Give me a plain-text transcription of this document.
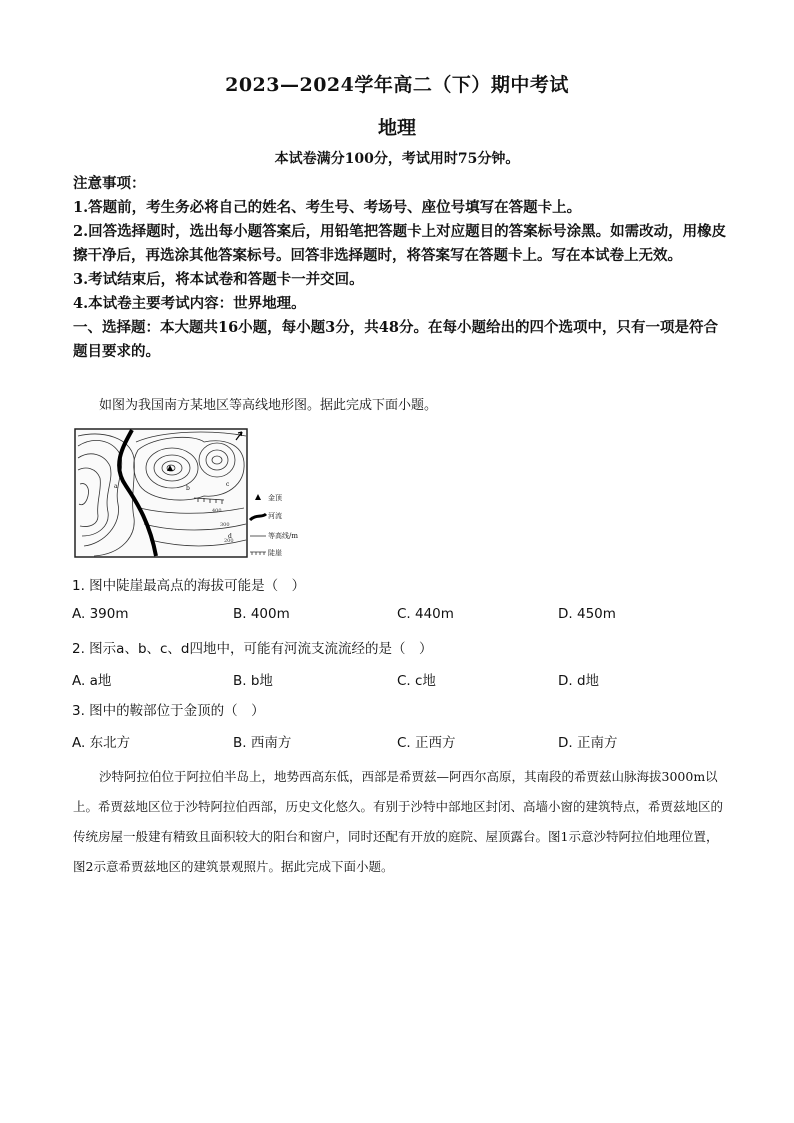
2023—2024学年高二（下）期中考试
地理
本试卷满分100分，考试用时75分钟。

注意事项：

1.答题前，考生务必将自己的姓名、考生号、考场号、座位号填写在答题卡上。

2.回答选择题时，选出每小题答案后，用铅笔把答题卡上对应题目的答案标号涂黑。如需改动，用橡皮擦干净后，再选涂其他答案标号。回答非选择题时，将答案写在答题卡上。写在本试卷上无效。

3.考试结束后，将本试卷和答题卡一并交回。

4.本试卷主要考试内容：世界地理。

一、选择题：本大题共16小题，每小题3分，共48分。在每小题给出的四个选项中，只有一项是符合题目要求的。

如图为我国南方某地区等高线地形图。据此完成下面小题。

a	b
c
d
400
300
200
金顶
河流
等高线/m
陡崖
1. 图中陡崖最高点的海拔可能是（　）
A. 390m	B. 400m	C. 440m	D. 450m
2. 图示a、b、c、d四地中，可能有河流支流流经的是（　）
A. a地	B. b地	C. c地	D. d地
3. 图中的鞍部位于金顶的（　）
A. 东北方	B. 西南方	C. 正西方	D. 正南方

沙特阿拉伯位于阿拉伯半岛上，地势西高东低，西部是希贾兹—阿西尔高原，其南段的希贾兹山脉海拔3000m以上。希贾兹地区位于沙特阿拉伯西部，历史文化悠久。有别于沙特中部地区封闭、高墙小窗的建筑特点，希贾兹地区的传统房屋一般建有精致且面积较大的阳台和窗户，同时还配有开放的庭院、屋顶露台。图1示意沙特阿拉伯地理位置，图2示意希贾兹地区的建筑景观照片。据此完成下面小题。
